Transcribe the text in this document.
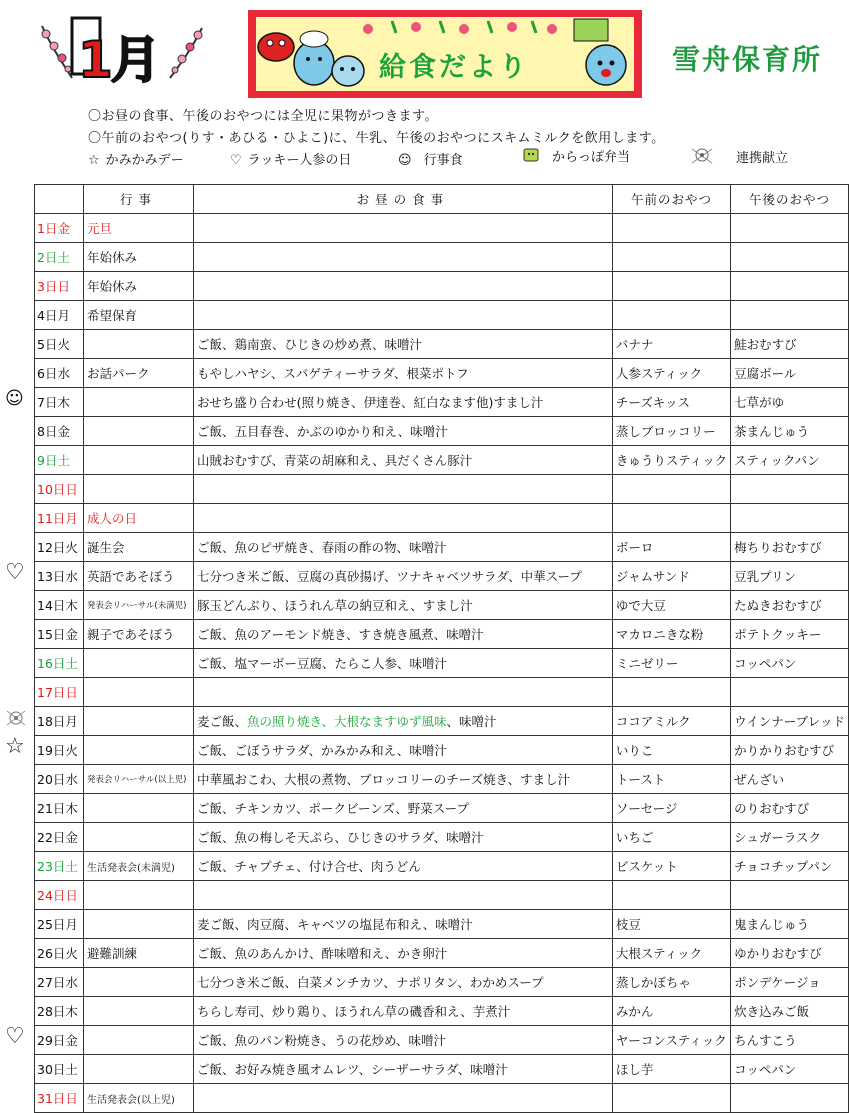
1月	給食だより	雪舟保育所
〇お昼の食事、午後のおやつには全児に果物がつきます。
〇午前のおやつ(りす・あひる・ひよこ)に、牛乳、午後のおやつにスキムミルクを飲用します。
☆ かみかみデー	♡ ラッキー人参の日	☺ 行事食	からっぽ弁当	連携献立
☺
♡
☆
♡
	行事	お昼の食事	午前のおやつ	午後のおやつ
1日金	元旦			
2日土	年始休み			
3日日	年始休み			
4日月	希望保育			
5日火		ご飯、鶏南蛮、ひじきの炒め煮、味噌汁	バナナ	鮭おむすび
6日水	お話パーク	もやしハヤシ、スパゲティーサラダ、根菜ポトフ	人参スティック	豆腐ボール
7日木		おせち盛り合わせ(照り焼き、伊達巻、紅白なます他)すまし汁	チーズキッス	七草がゆ
8日金		ご飯、五目春巻、かぶのゆかり和え、味噌汁	蒸しブロッコリー	茶まんじゅう
9日土		山賊おむすび、青菜の胡麻和え、具だくさん豚汁	きゅうりスティック	スティックパン
10日日				
11日月	成人の日			
12日火	誕生会	ご飯、魚のピザ焼き、春雨の酢の物、味噌汁	ボーロ	梅ちりおむすび
13日水	英語であそぼう	七分つき米ご飯、豆腐の真砂揚げ、ツナキャベツサラダ、中華スープ	ジャムサンド	豆乳プリン
14日木	発表会リハーサル(未満児)	豚玉どんぶり、ほうれん草の納豆和え、すまし汁	ゆで大豆	たぬきおむすび
15日金	親子であそぼう	ご飯、魚のアーモンド焼き、すき焼き風煮、味噌汁	マカロニきな粉	ポテトクッキー
16日土		ご飯、塩マーボー豆腐、たらこ人参、味噌汁	ミニゼリー	コッペパン
17日日				
18日月		麦ご飯、魚の照り焼き、大根なますゆず風味、味噌汁	ココアミルク	ウインナーブレッド
19日火		ご飯、ごぼうサラダ、かみかみ和え、味噌汁	いりこ	かりかりおむすび
20日水	発表会リハーサル(以上児)	中華風おこわ、大根の煮物、ブロッコリーのチーズ焼き、すまし汁	トースト	ぜんざい
21日木		ご飯、チキンカツ、ポークビーンズ、野菜スープ	ソーセージ	のりおむすび
22日金		ご飯、魚の梅しそ天ぷら、ひじきのサラダ、味噌汁	いちご	シュガーラスク
23日土	生活発表会(未満児)	ご飯、チャプチェ、付け合せ、肉うどん	ビスケット	チョコチップパン
24日日				
25日月		麦ご飯、肉豆腐、キャベツの塩昆布和え、味噌汁	枝豆	鬼まんじゅう
26日火	避難訓練	ご飯、魚のあんかけ、酢味噌和え、かき卵汁	大根スティック	ゆかりおむすび
27日水		七分つき米ご飯、白菜メンチカツ、ナポリタン、わかめスープ	蒸しかぼちゃ	ポンデケージョ
28日木		ちらし寿司、炒り鶏り、ほうれん草の磯香和え、芋煮汁	みかん	炊き込みご飯
29日金		ご飯、魚のパン粉焼き、うの花炒め、味噌汁	ヤーコンスティック	ちんすこう
30日土		ご飯、お好み焼き風オムレツ、シーザーサラダ、味噌汁	ほし芋	コッペパン
31日日	生活発表会(以上児)			
